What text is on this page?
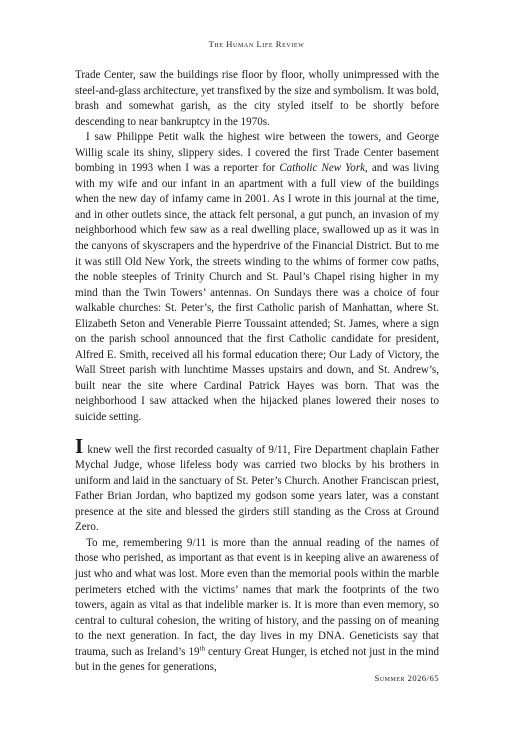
The Human Life Review

Trade Center, saw the buildings rise floor by floor, wholly unimpressed with the steel-and-glass architecture, yet transfixed by the size and symbolism. It was bold, brash and somewhat garish, as the city styled itself to be shortly before descending to near bankruptcy in the 1970s.

I saw Philippe Petit walk the highest wire between the towers, and George Willig scale its shiny, slippery sides. I covered the first Trade Center basement bombing in 1993 when I was a reporter for Catholic New York, and was living with my wife and our infant in an apartment with a full view of the buildings when the new day of infamy came in 2001. As I wrote in this journal at the time, and in other outlets since, the attack felt personal, a gut punch, an invasion of my neighborhood which few saw as a real dwelling place, swallowed up as it was in the canyons of skyscrapers and the hyperdrive of the Financial District. But to me it was still Old New York, the streets winding to the whims of former cow paths, the noble steeples of Trinity Church and St. Paul’s Chapel rising higher in my mind than the Twin Towers’ antennas. On Sundays there was a choice of four walkable churches: St. Peter’s, the first Catholic parish of Manhattan, where St. Elizabeth Seton and Venerable Pierre Toussaint attended; St. James, where a sign on the parish school announced that the first Catholic candidate for president, Alfred E. Smith, received all his formal education there; Our Lady of Victory, the Wall Street parish with lunchtime Masses upstairs and down, and St. Andrew’s, built near the site where Cardinal Patrick Hayes was born. That was the neighborhood I saw attacked when the hijacked planes lowered their noses to suicide setting.

I knew well the first recorded casualty of 9/11, Fire Department chaplain Father Mychal Judge, whose lifeless body was carried two blocks by his brothers in uniform and laid in the sanctuary of St. Peter’s Church. Another Franciscan priest, Father Brian Jordan, who baptized my godson some years later, was a constant presence at the site and blessed the girders still standing as the Cross at Ground Zero.

To me, remembering 9/11 is more than the annual reading of the names of those who perished, as important as that event is in keeping alive an awareness of just who and what was lost. More even than the memorial pools within the marble perimeters etched with the victims’ names that mark the footprints of the two towers, again as vital as that indelible marker is. It is more than even memory, so central to cultural cohesion, the writing of history, and the passing on of meaning to the next generation. In fact, the day lives in my DNA. Geneticists say that trauma, such as Ireland’s 19th century Great Hunger, is etched not just in the mind but in the genes for generations,

Summer 2026/65
